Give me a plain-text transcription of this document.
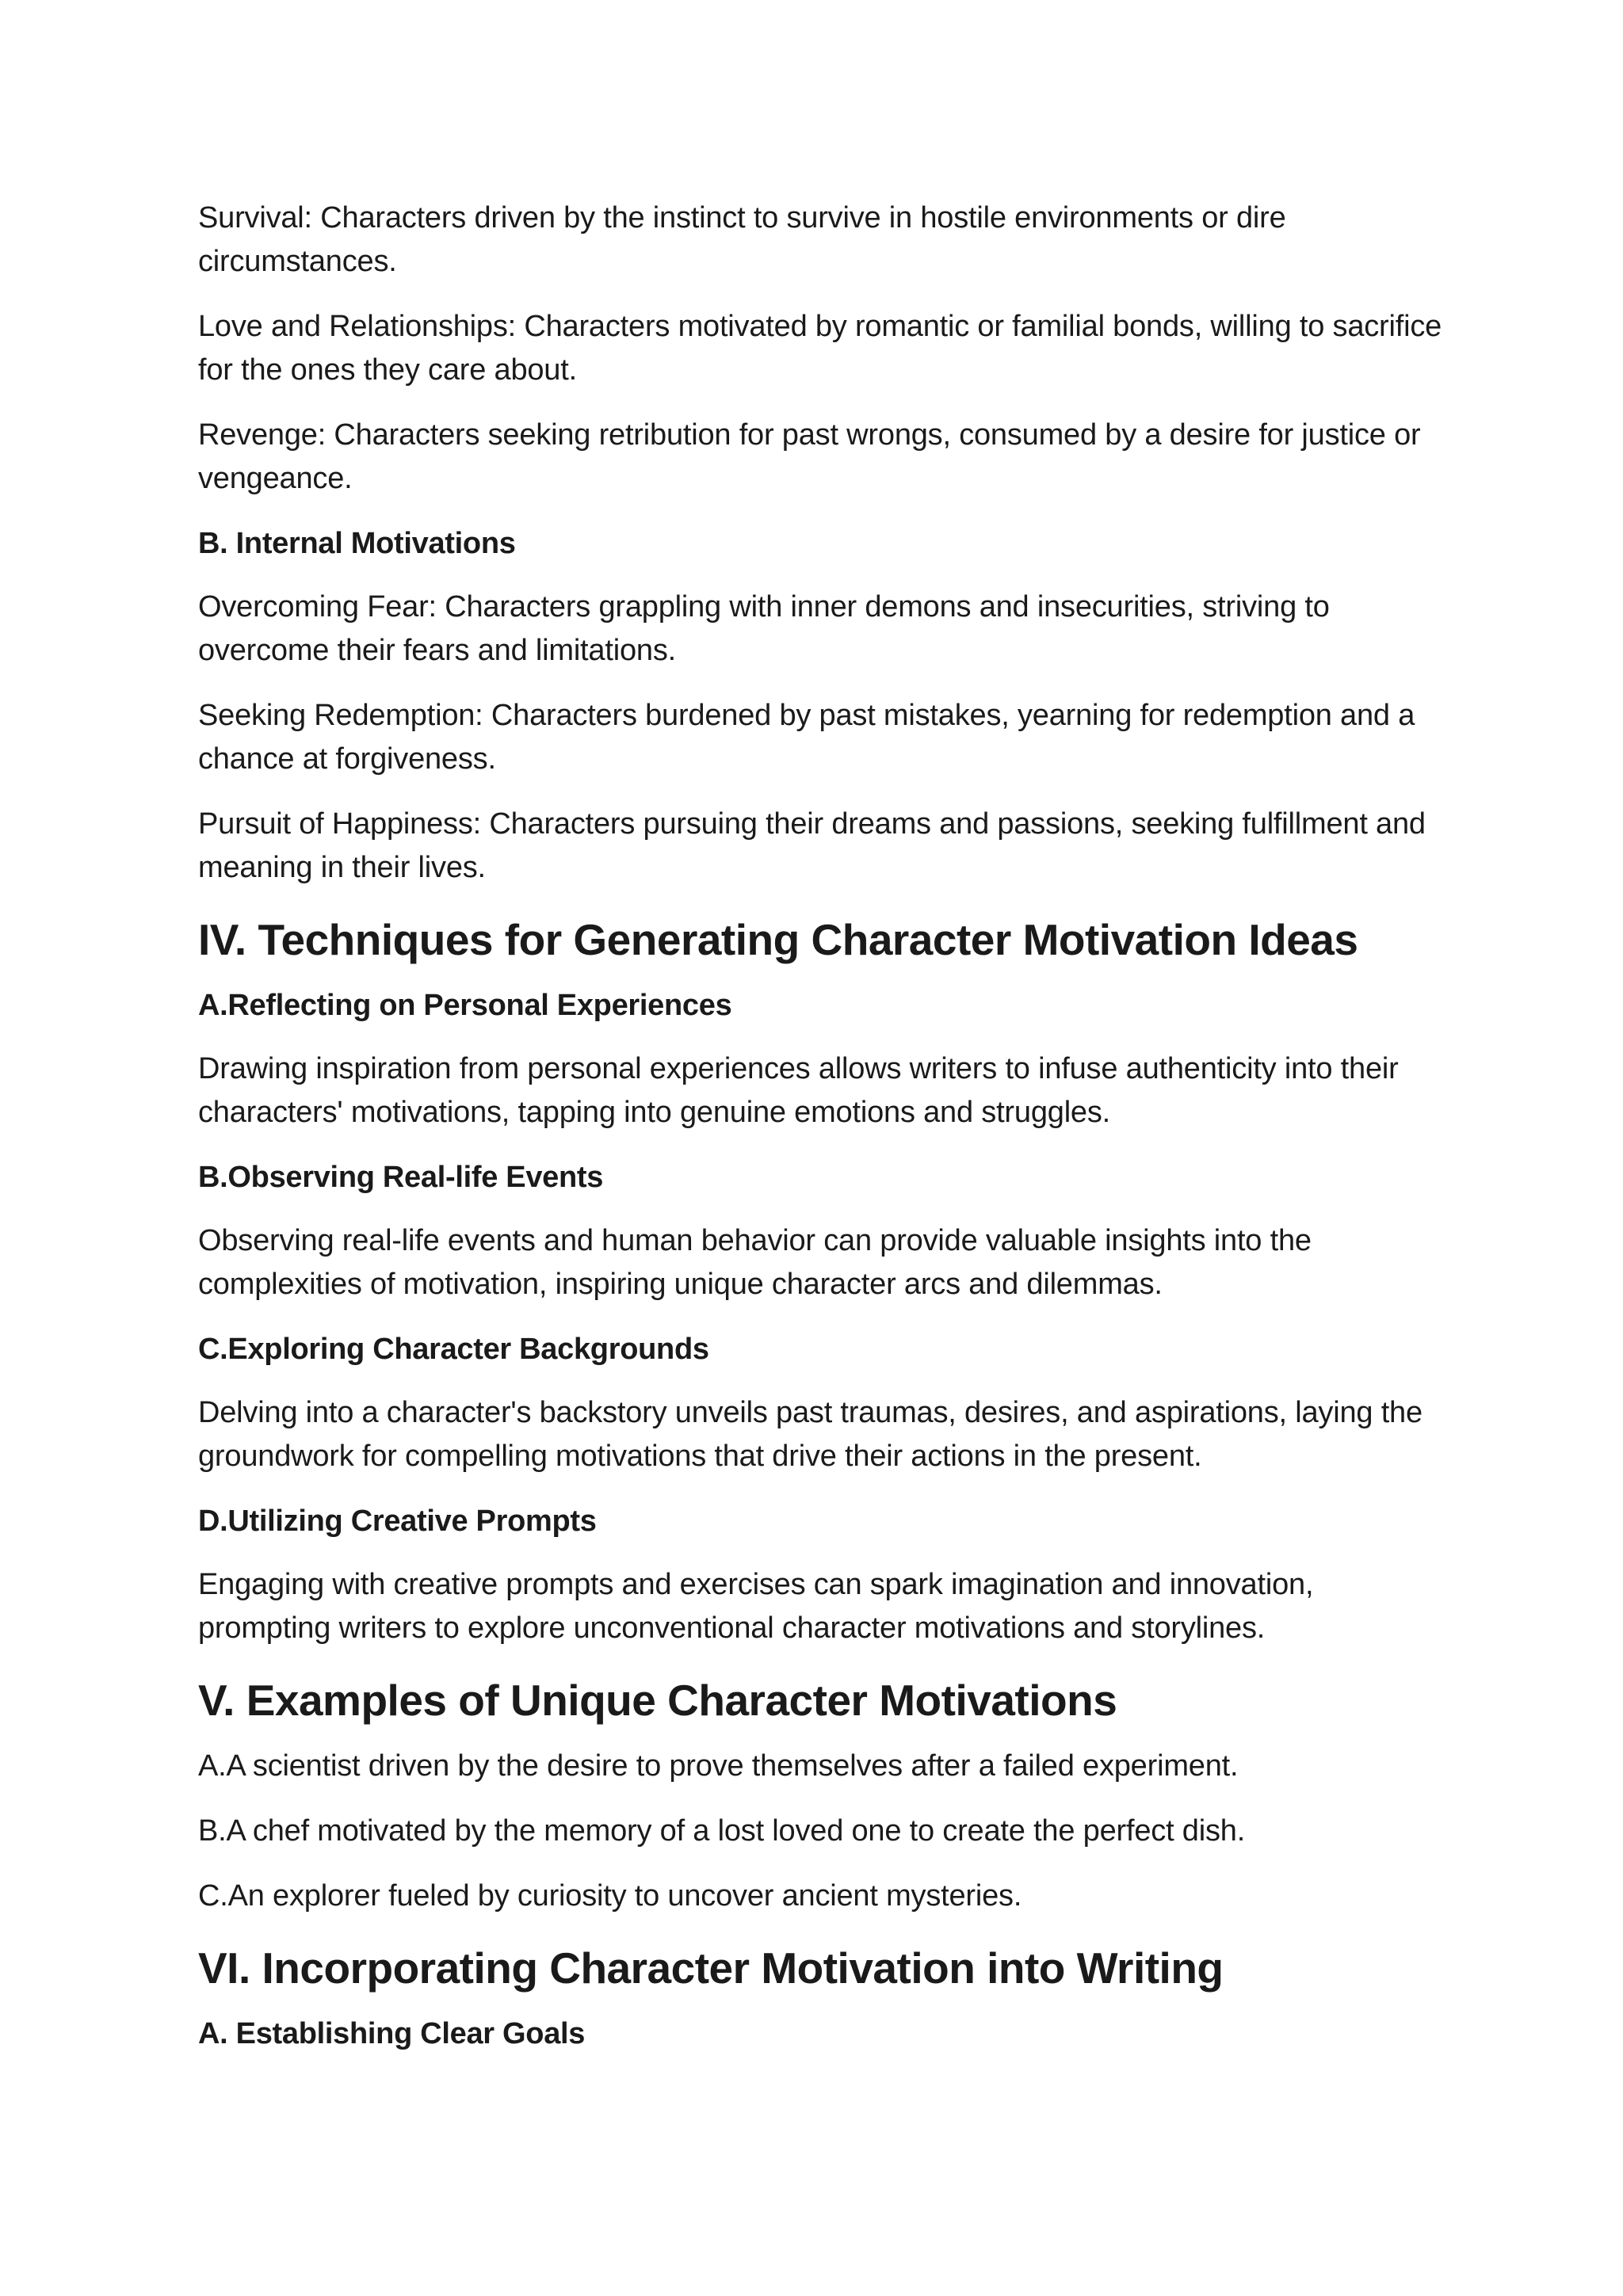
Survival: Characters driven by the instinct to survive in hostile environments or dire circumstances.

Love and Relationships: Characters motivated by romantic or familial bonds, willing to sacrifice for the ones they care about.

Revenge: Characters seeking retribution for past wrongs, consumed by a desire for justice or vengeance.

B. Internal Motivations

Overcoming Fear: Characters grappling with inner demons and insecurities, striving to overcome their fears and limitations.

Seeking Redemption: Characters burdened by past mistakes, yearning for redemption and a chance at forgiveness.

Pursuit of Happiness: Characters pursuing their dreams and passions, seeking fulfillment and meaning in their lives.

IV. Techniques for Generating Character Motivation Ideas
A.Reflecting on Personal Experiences

Drawing inspiration from personal experiences allows writers to infuse authenticity into their characters' motivations, tapping into genuine emotions and struggles.

B.Observing Real-life Events

Observing real-life events and human behavior can provide valuable insights into the complexities of motivation, inspiring unique character arcs and dilemmas.

C.Exploring Character Backgrounds

Delving into a character's backstory unveils past traumas, desires, and aspirations, laying the groundwork for compelling motivations that drive their actions in the present.

D.Utilizing Creative Prompts

Engaging with creative prompts and exercises can spark imagination and innovation, prompting writers to explore unconventional character motivations and storylines.

V. Examples of Unique Character Motivations

A.A scientist driven by the desire to prove themselves after a failed experiment.

B.A chef motivated by the memory of a lost loved one to create the perfect dish.

C.An explorer fueled by curiosity to uncover ancient mysteries.

VI. Incorporating Character Motivation into Writing
A. Establishing Clear Goals
